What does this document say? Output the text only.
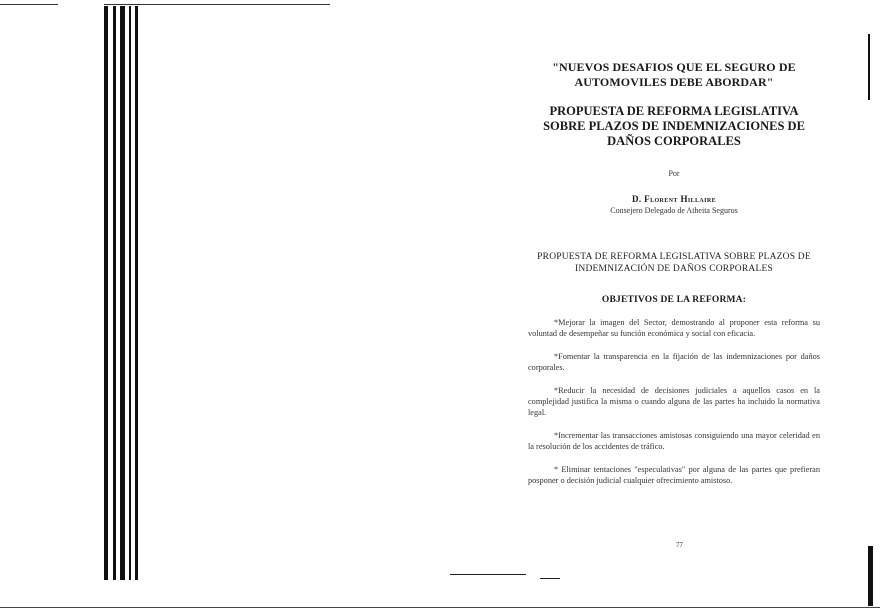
"NUEVOS DESAFIOS QUE EL SEGURO DE AUTOMOVILES DEBE ABORDAR"

PROPUESTA DE REFORMA LEGISLATIVA SOBRE PLAZOS DE INDEMNIZACIONES DE DAÑOS CORPORALES

Por
D. Florent Hillaire
Consejero Delegado de Atheita Seguros
PROPUESTA DE REFORMA LEGISLATIVA SOBRE PLAZOS DE INDEMNIZACIÓN DE DAÑOS CORPORALES
OBJETIVOS DE LA REFORMA:

*Mejorar la imagen del Sector, demostrando al proponer esta reforma su voluntad de desempeñar su función económica y social con eficacia.

*Fomentar la transparencia en la fijación de las indemnizaciones por daños corporales.

*Reducir la necesidad de decisiones judiciales a aquellos casos en la complejidad justifica la misma o cuando alguna de las partes ha incluido la normativa legal.

*Incrementar las transacciones amistosas consiguiendo una mayor celeridad en la resolución de los accidentes de tráfico.

* Eliminar tentaciones "especulativas" por alguna de las partes que prefieran posponer o decisión judicial cualquier ofrecimiento amistoso.

77
